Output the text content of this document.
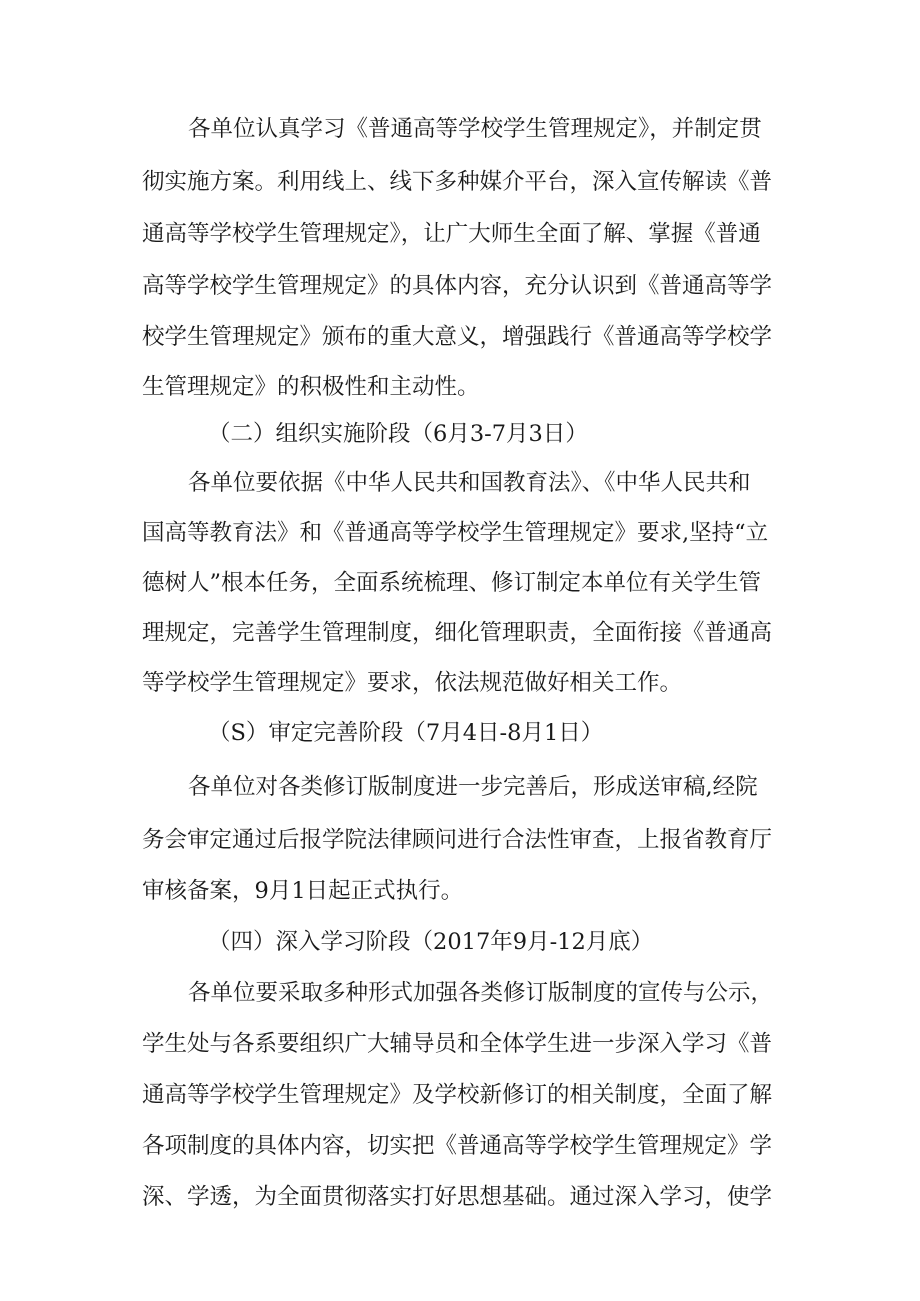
各单位认真学习《普通高等学校学生管理规定》，并制定贯
彻实施方案。利用线上、线下多种媒介平台，深入宣传解读《普
通高等学校学生管理规定》，让广大师生全面了解、掌握《普通
高等学校学生管理规定》的具体内容，充分认识到《普通高等学
校学生管理规定》颁布的重大意义，增强践行《普通高等学校学
生管理规定》的积极性和主动性。
（二）组织实施阶段（6月3-7月3日）
各单位要依据《中华人民共和国教育法》、《中华人民共和
国高等教育法》和《普通高等学校学生管理规定》要求,坚持“立
德树人”根本任务，全面系统梳理、修订制定本单位有关学生管
理规定，完善学生管理制度，细化管理职责，全面衔接《普通高
等学校学生管理规定》要求，依法规范做好相关工作。
（S）审定完善阶段（7月4日-8月1日）
各单位对各类修订版制度进一步完善后，形成送审稿,经院
务会审定通过后报学院法律顾问进行合法性审查，上报省教育厅
审核备案，9月1日起正式执行。
（四）深入学习阶段（2017年9月-12月底）
各单位要采取多种形式加强各类修订版制度的宣传与公示，
学生处与各系要组织广大辅导员和全体学生进一步深入学习《普
通高等学校学生管理规定》及学校新修订的相关制度，全面了解
各项制度的具体内容，切实把《普通高等学校学生管理规定》学
深、学透，为全面贯彻落实打好思想基础。通过深入学习，使学
